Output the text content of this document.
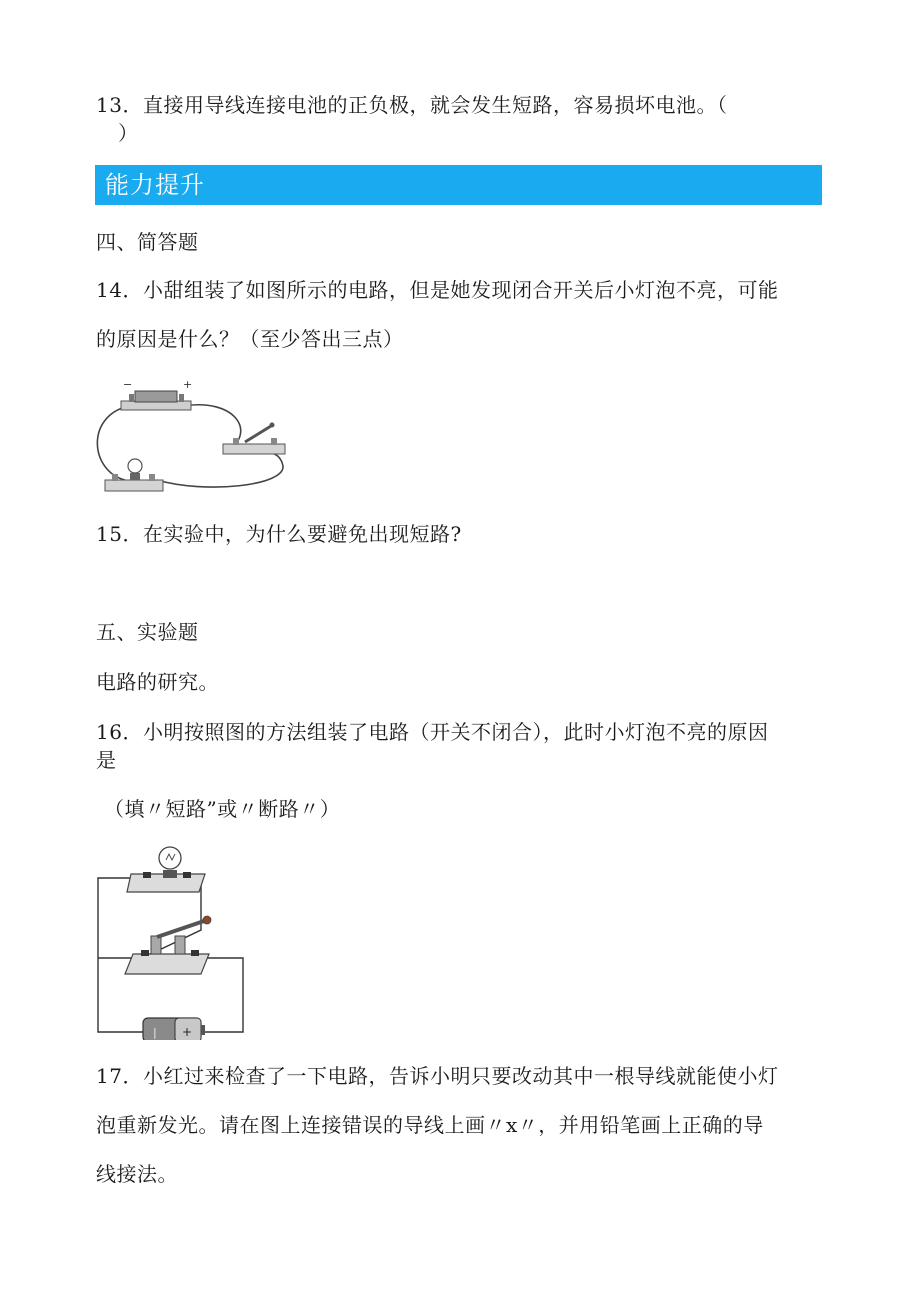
13．直接用导线连接电池的正负极，就会发生短路，容易损坏电池。（
）
能力提升
四、简答题
14．小甜组装了如图所示的电路，但是她发现闭合开关后小灯泡不亮，可能
的原因是什么？（至少答出三点）
−	+
15．在实验中，为什么要避免出现短路?
五、实验题
电路的研究。
16．小明按照图的方法组装了电路（开关不闭合），此时小灯泡不亮的原因
是
（填〃短路”或〃断路〃）
| +
17．小红过来检查了一下电路，告诉小明只要改动其中一根导线就能使小灯
泡重新发光。请在图上连接错误的导线上画〃x〃，并用铅笔画上正确的导
线接法。
